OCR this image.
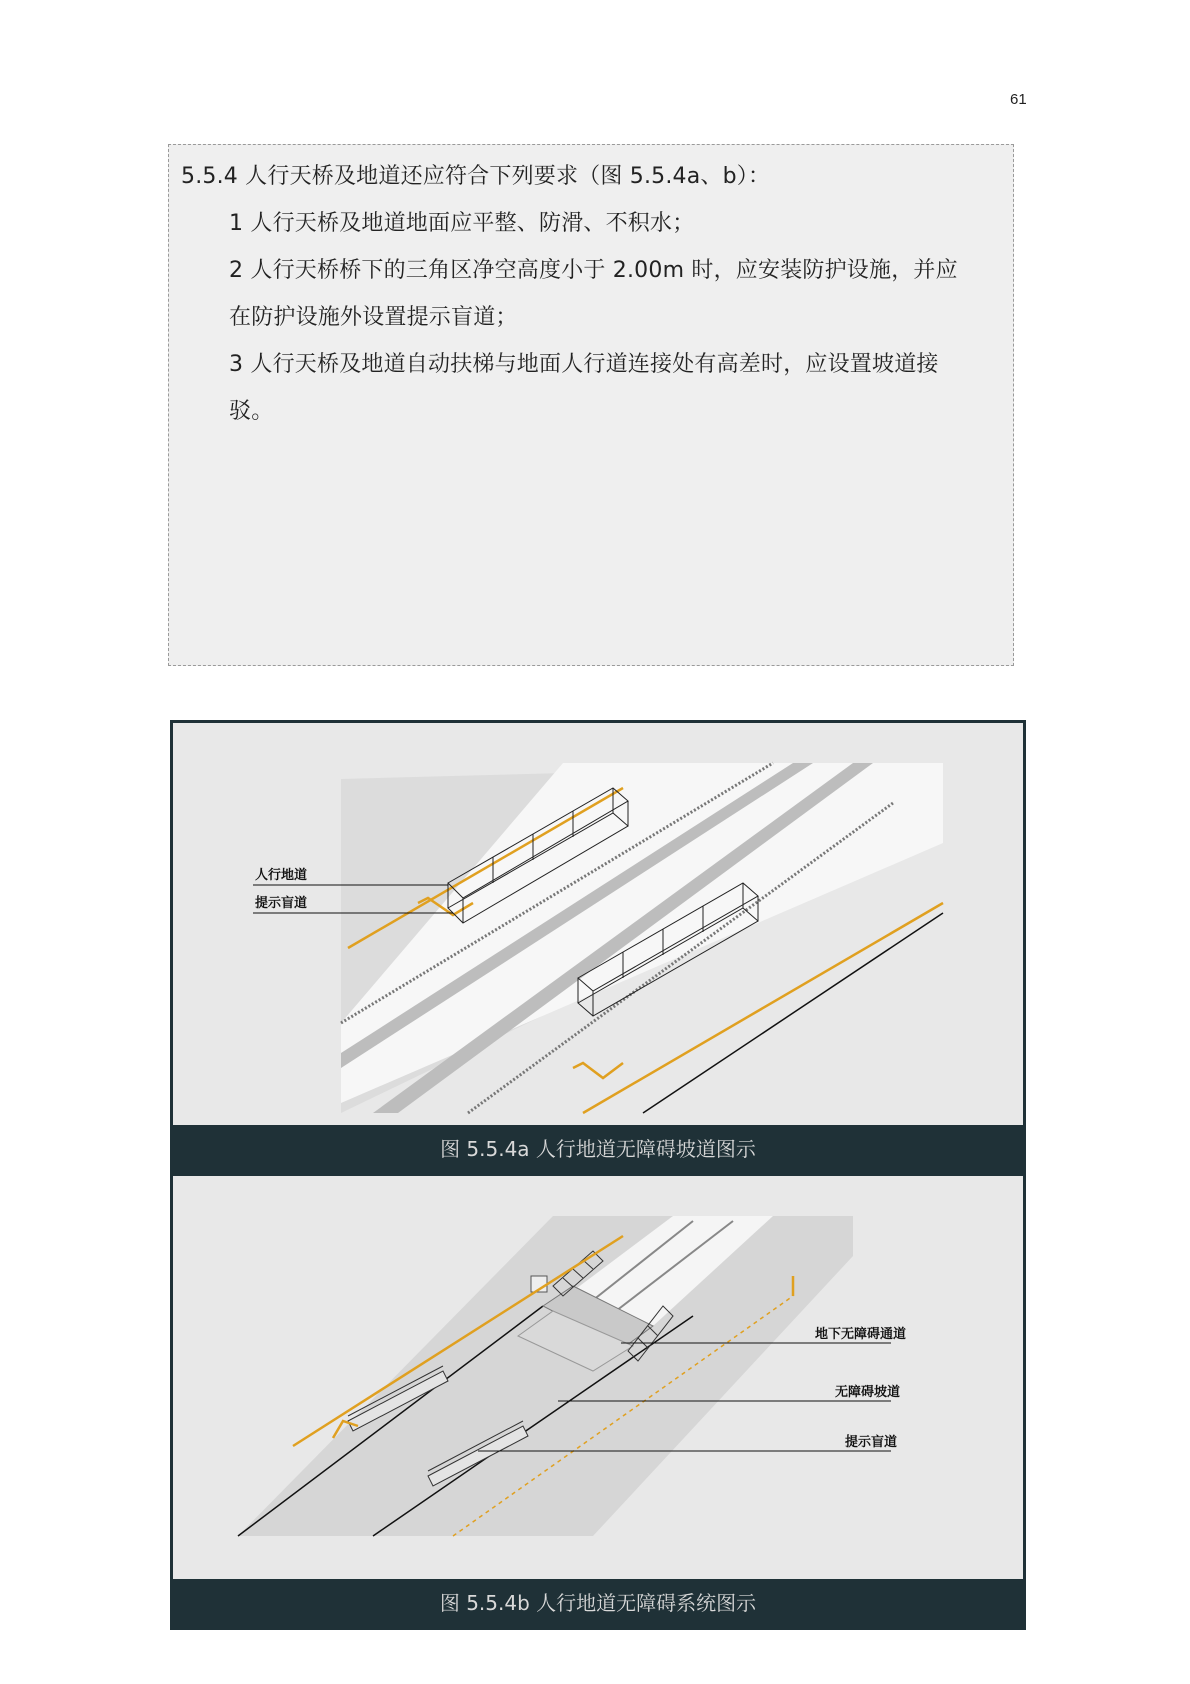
61
5.5.4 人行天桥及地道还应符合下列要求（图 5.5.4a、b）：
1 人行天桥及地道地面应平整、防滑、不积水；
2 人行天桥桥下的三角区净空高度小于 2.00m 时，应安装防护设施，并应
在防护设施外设置提示盲道；
3 人行天桥及地道自动扶梯与地面人行道连接处有高差时，应设置坡道接
驳。
人行地道
提示盲道
图 5.5.4a 人行地道无障碍坡道图示
地下无障碍通道
无障碍坡道
提示盲道
图 5.5.4b 人行地道无障碍系统图示
